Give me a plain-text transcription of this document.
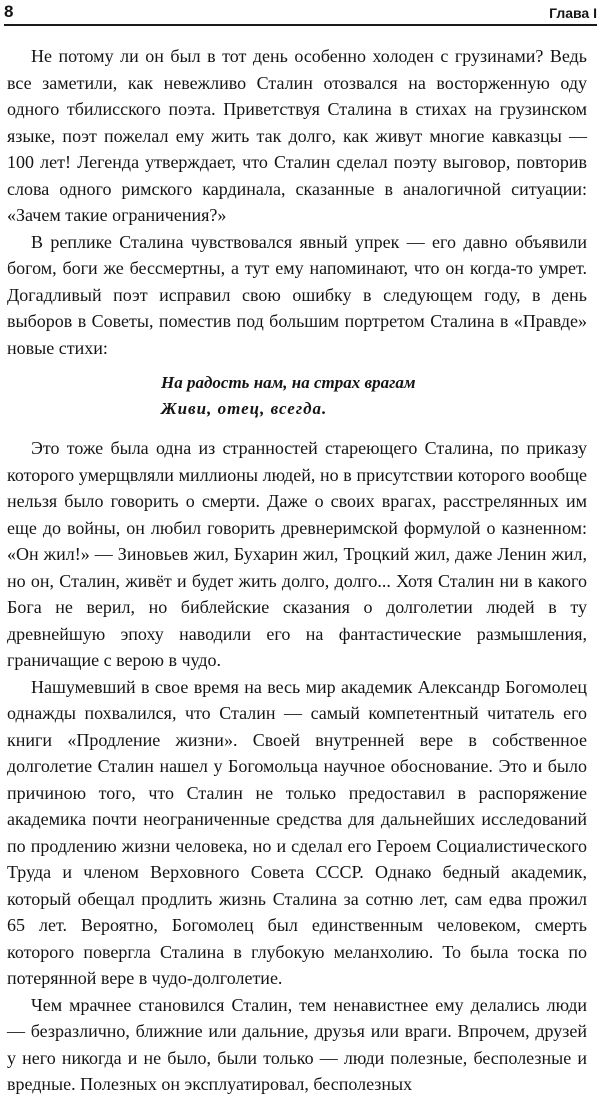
8	Глава I

Не потому ли он был в тот день особенно холоден с грузинами? Ведь все заметили, как невежливо Сталин отозвался на восторженную оду одного тбилисского поэта. Приветствуя Сталина в стихах на грузинском языке, поэт пожелал ему жить так долго, как живут многие кавказцы — 100 лет! Легенда утверждает, что Сталин сделал поэту выговор, повторив слова одного римского кардинала, сказанные в аналогичной ситуации: «Зачем такие ограничения?»

В реплике Сталина чувствовался явный упрек — его давно объявили богом, боги же бессмертны, а тут ему напоминают, что он когда-то умрет. Догадливый поэт исправил свою ошибку в следующем году, в день выборов в Советы, поместив под большим портретом Сталина в «Правде» новые стихи:

На радость нам, на страх врагам
Живи, отец, всегда.

Это тоже была одна из странностей стареющего Сталина, по приказу которого умерщвляли миллионы людей, но в присутствии которого вообще нельзя было говорить о смерти. Даже о своих врагах, расстрелянных им еще до войны, он любил говорить древнеримской формулой о казненном: «Он жил!» — Зиновьев жил, Бухарин жил, Троцкий жил, даже Ленин жил, но он, Сталин, живёт и будет жить долго, долго... Хотя Сталин ни в какого Бога не верил, но библейские сказания о долголетии людей в ту древнейшую эпоху наводили его на фантастические размышления, граничащие с верою в чудо.

Нашумевший в свое время на весь мир академик Александр Богомолец однажды похвалился, что Сталин — самый компетентный читатель его книги «Продление жизни». Своей внутренней вере в собственное долголетие Сталин нашел у Богомольца научное обоснование. Это и было причиною того, что Сталин не только предоставил в распоряжение академика почти неограниченные средства для дальнейших исследований по продлению жизни человека, но и сделал его Героем Социалистического Труда и членом Верховного Совета СССР. Однако бедный академик, который обещал продлить жизнь Сталина за сотню лет, сам едва прожил 65 лет. Вероятно, Богомолец был единственным человеком, смерть которого повергла Сталина в глубокую меланхолию. То была тоска по потерянной вере в чудо-долголетие.

Чем мрачнее становился Сталин, тем ненавистнее ему делались люди — безразлично, ближние или дальние, друзья или враги. Впрочем, друзей у него никогда и не было, были только — люди полезные, бесполезные и вредные. Полезных он эксплуатировал, бесполезных
